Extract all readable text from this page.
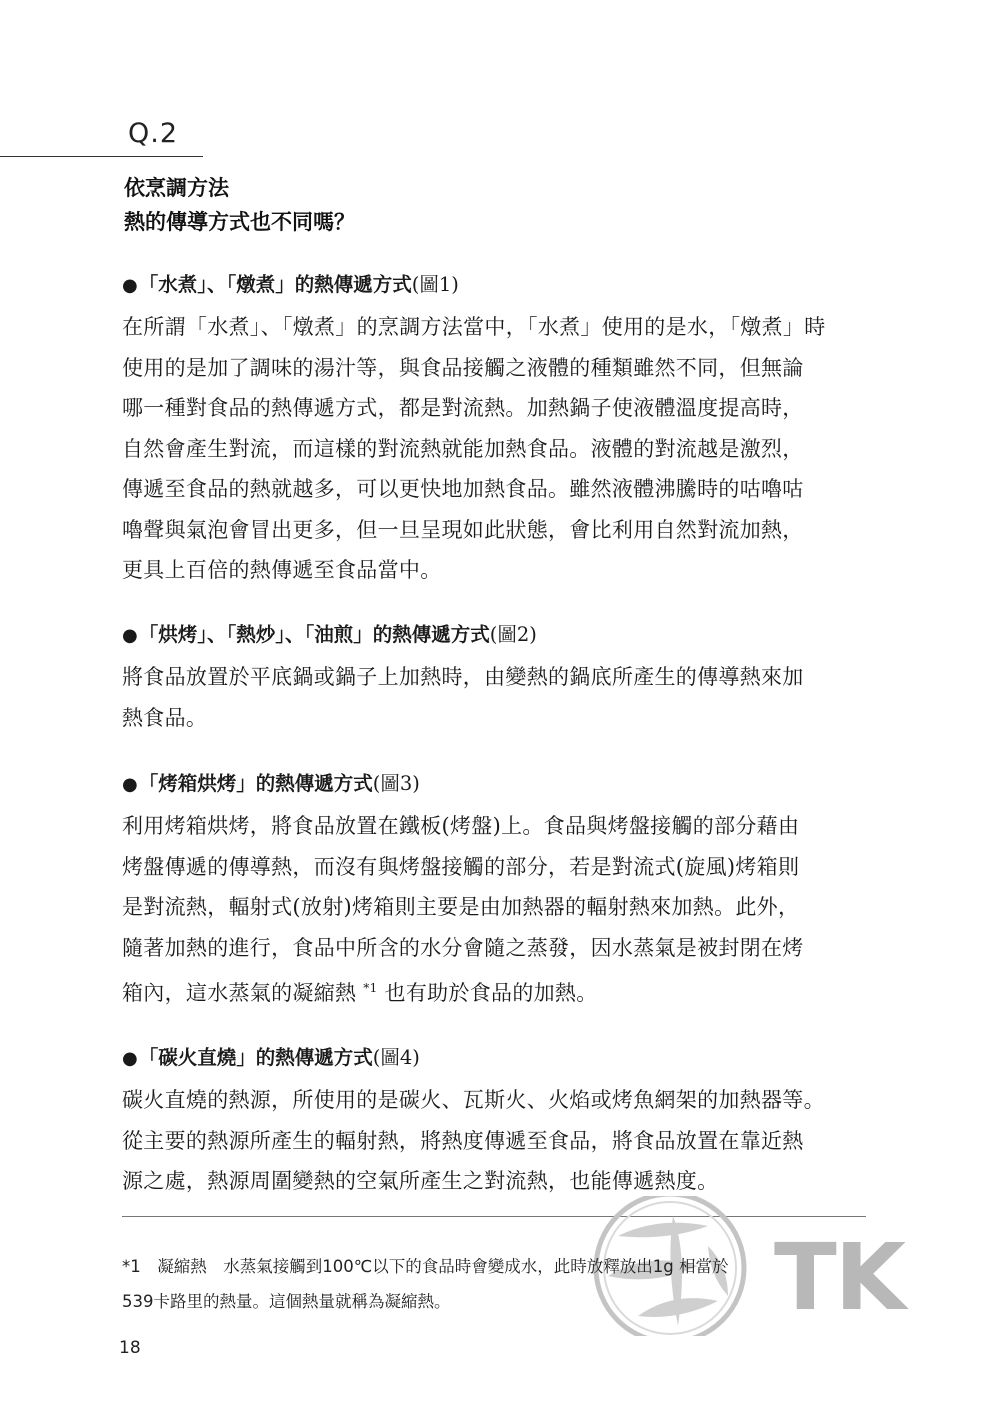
Q.2
依烹調方法
熱的傳導方式也不同嗎？
●「水煮」、「燉煮」的熱傳遞方式(圖1)
在所謂「水煮」、「燉煮」的烹調方法當中，「水煮」使用的是水，「燉煮」時
使用的是加了調味的湯汁等，與食品接觸之液體的種類雖然不同，但無論
哪一種對食品的熱傳遞方式，都是對流熱。加熱鍋子使液體溫度提高時，
自然會產生對流，而這樣的對流熱就能加熱食品。液體的對流越是激烈，
傳遞至食品的熱就越多，可以更快地加熱食品。雖然液體沸騰時的咕嚕咕
嚕聲與氣泡會冒出更多，但一旦呈現如此狀態，會比利用自然對流加熱，
更具上百倍的熱傳遞至食品當中。
●「烘烤」、「熱炒」、「油煎」的熱傳遞方式(圖2)
將食品放置於平底鍋或鍋子上加熱時，由變熱的鍋底所產生的傳導熱來加
熱食品。
●「烤箱烘烤」的熱傳遞方式(圖3)
利用烤箱烘烤，將食品放置在鐵板(烤盤)上。食品與烤盤接觸的部分藉由
烤盤傳遞的傳導熱，而沒有與烤盤接觸的部分，若是對流式(旋風)烤箱則
是對流熱，輻射式(放射)烤箱則主要是由加熱器的輻射熱來加熱。此外，
隨著加熱的進行，食品中所含的水分會隨之蒸發，因水蒸氣是被封閉在烤
箱內，這水蒸氣的凝縮熱 $^{*1}$ 也有助於食品的加熱。
●「碳火直燒」的熱傳遞方式(圖4)
碳火直燒的熱源，所使用的是碳火、瓦斯火、火焰或烤魚網架的加熱器等。
從主要的熱源所產生的輻射熱，將熱度傳遞至食品，將食品放置在靠近熱
源之處，熱源周圍變熱的空氣所產生之對流熱，也能傳遞熱度。
TK
*1　凝縮熱　水蒸氣接觸到100℃以下的食品時會變成水，此時放釋放出1g 相當於
539卡路里的熱量。這個熱量就稱為凝縮熱。
18
